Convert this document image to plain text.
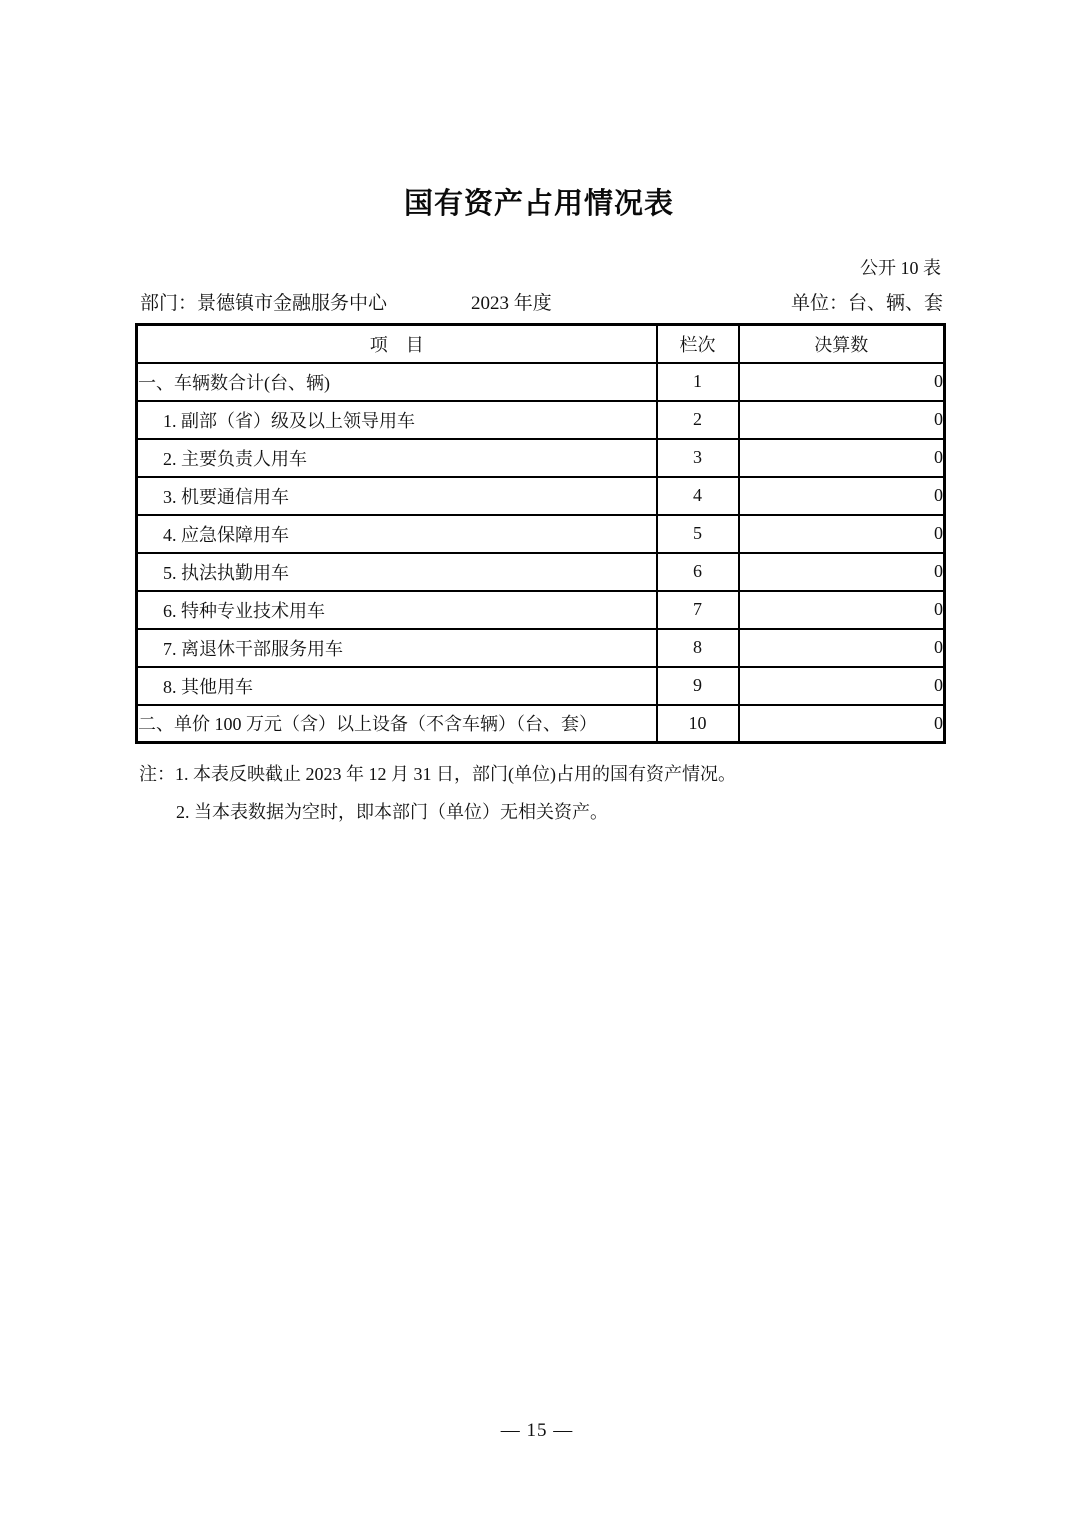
国有资产占用情况表
公开 10 表
部门：景德镇市金融服务中心	2023 年度	单位：台、辆、套
项　目	栏次	决算数
一、车辆数合计(台、辆)	1	0
1. 副部（省）级及以上领导用车	2	0
2. 主要负责人用车	3	0
3. 机要通信用车	4	0
4. 应急保障用车	5	0
5. 执法执勤用车	6	0
6. 特种专业技术用车	7	0
7. 离退休干部服务用车	8	0
8. 其他用车	9	0
二、单价 100 万元（含）以上设备（不含车辆）（台、套）	10	0
注：1. 本表反映截止 2023 年 12 月 31 日，部门(单位)占用的国有资产情况。
2. 当本表数据为空时，即本部门（单位）无相关资产。
— 15 —
